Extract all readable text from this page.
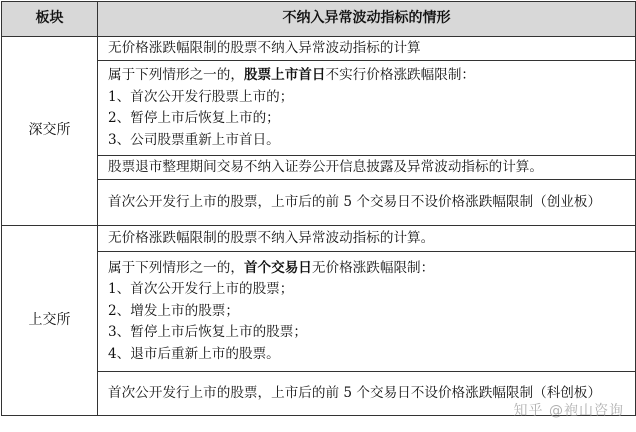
板块	不纳入异常波动指标的情形
深交所	无价格涨跌幅限制的股票不纳入异常波动指标的计算

	属于下列情形之一的，股票上市首日不实行价格涨跌幅限制：
1、首次公开发行股票上市的；
2、暂停上市后恢复上市的；
3、公司股票重新上市首日。

	股票退市整理期间交易不纳入证券公开信息披露及异常波动指标的计算。
	首次公开发行上市的股票，上市后的前 5 个交易日不设价格涨跌幅限制（创业板）
上交所	无价格涨跌幅限制的股票不纳入异常波动指标的计算。

	属于下列情形之一的，首个交易日无价格涨跌幅限制：
1、首次公开发行上市的股票；
2、增发上市的股票；
3、暂停上市后恢复上市的股票；
4、退市后重新上市的股票。

	首次公开发行上市的股票，上市后的前 5 个交易日不设价格涨跌幅限制（科创板）
知乎 @袍山咨询
